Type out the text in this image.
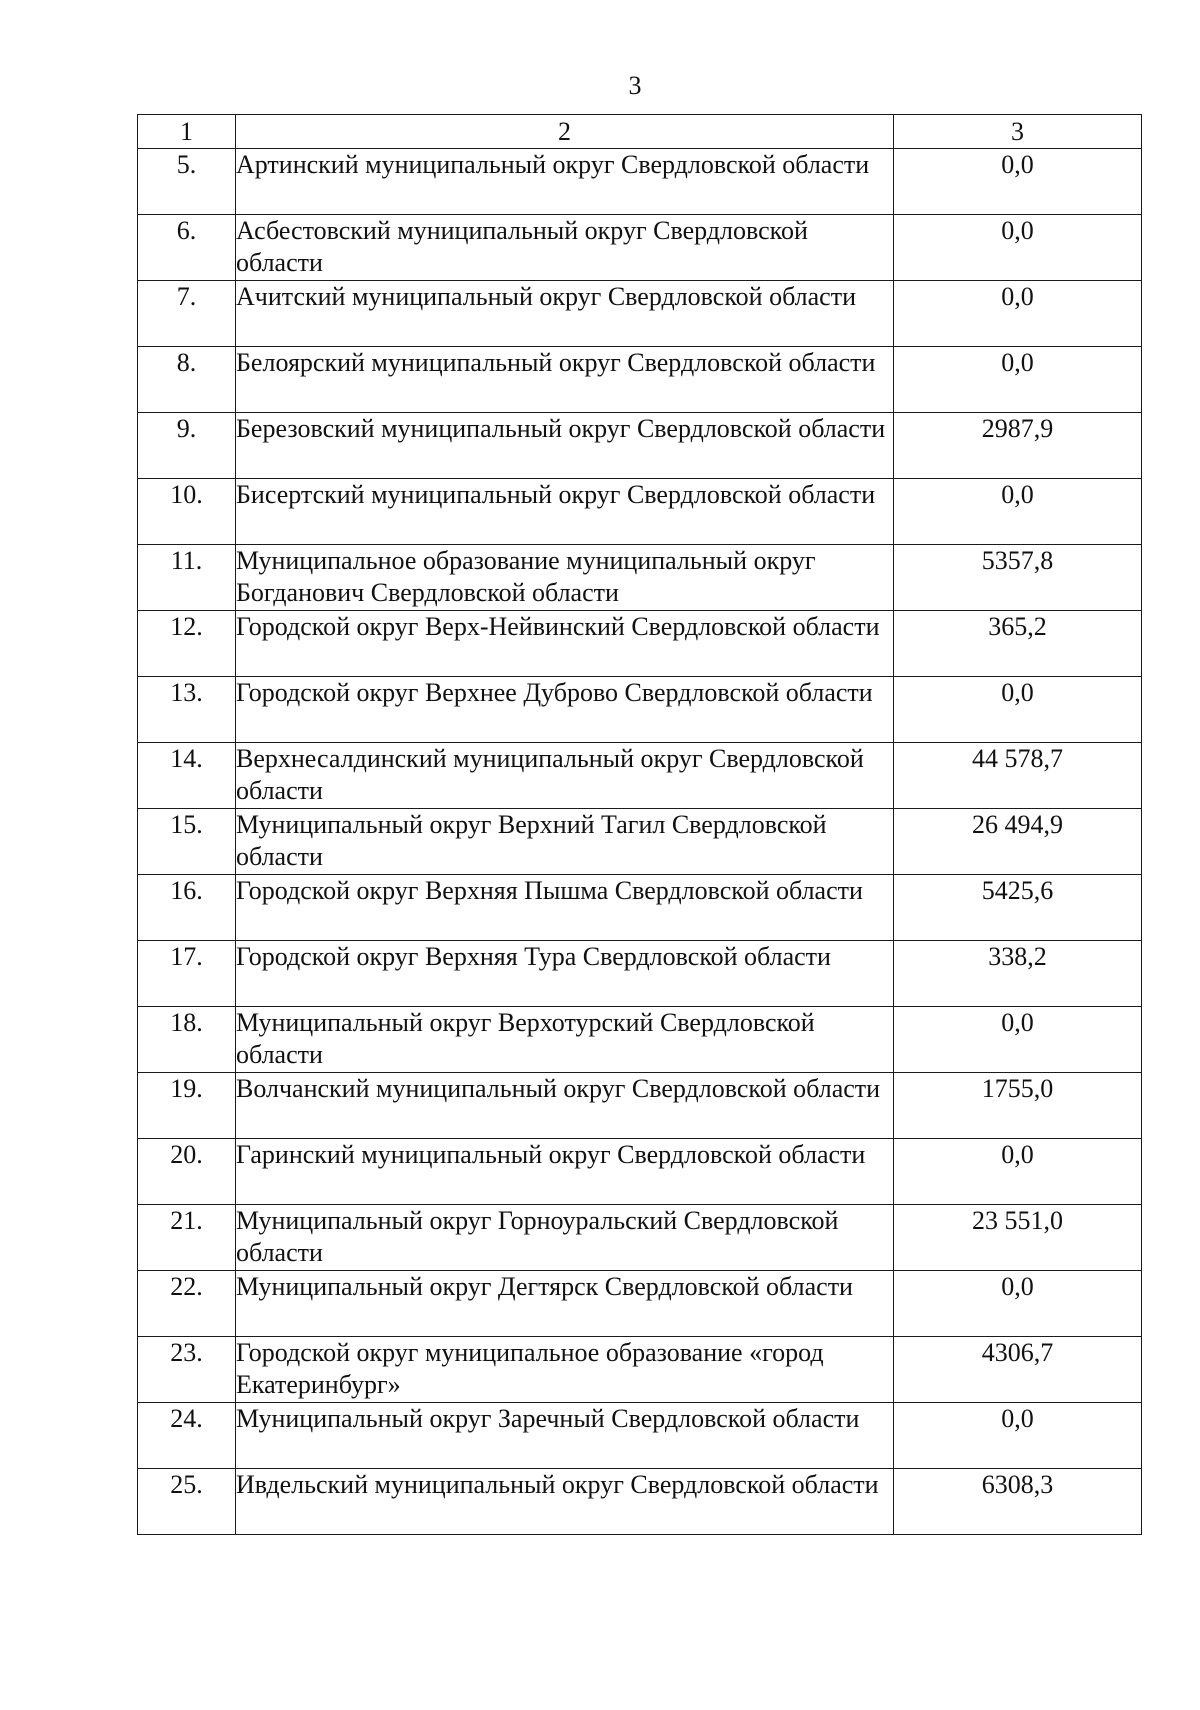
3
1	2	3
5.	Артинский муниципальный округ Свердловской области	0,0
6.	Асбестовский муниципальный округ Свердловской области	0,0
7.	Ачитский муниципальный округ Свердловской области	0,0
8.	Белоярский муниципальный округ Свердловской области	0,0
9.	Березовский муниципальный округ Свердловской области	2987,9
10.	Бисертский муниципальный округ Свердловской области	0,0
11.	Муниципальное образование муниципальный округ Богданович Свердловской области	5357,8
12.	Городской округ Верх-Нейвинский Свердловской области	365,2
13.	Городской округ Верхнее Дуброво Свердловской области	0,0
14.	Верхнесалдинский муниципальный округ Свердловской области	44 578,7
15.	Муниципальный округ Верхний Тагил Свердловской области	26 494,9
16.	Городской округ Верхняя Пышма Свердловской области	5425,6
17.	Городской округ Верхняя Тура Свердловской области	338,2
18.	Муниципальный округ Верхотурский Свердловской области	0,0
19.	Волчанский муниципальный округ Свердловской области	1755,0
20.	Гаринский муниципальный округ Свердловской области	0,0
21.	Муниципальный округ Горноуральский Свердловской области	23 551,0
22.	Муниципальный округ Дегтярск Свердловской области	0,0
23.	Городской округ муниципальное образование «город Екатеринбург»	4306,7
24.	Муниципальный округ Заречный Свердловской области	0,0
25.	Ивдельский муниципальный округ Свердловской области	6308,3
